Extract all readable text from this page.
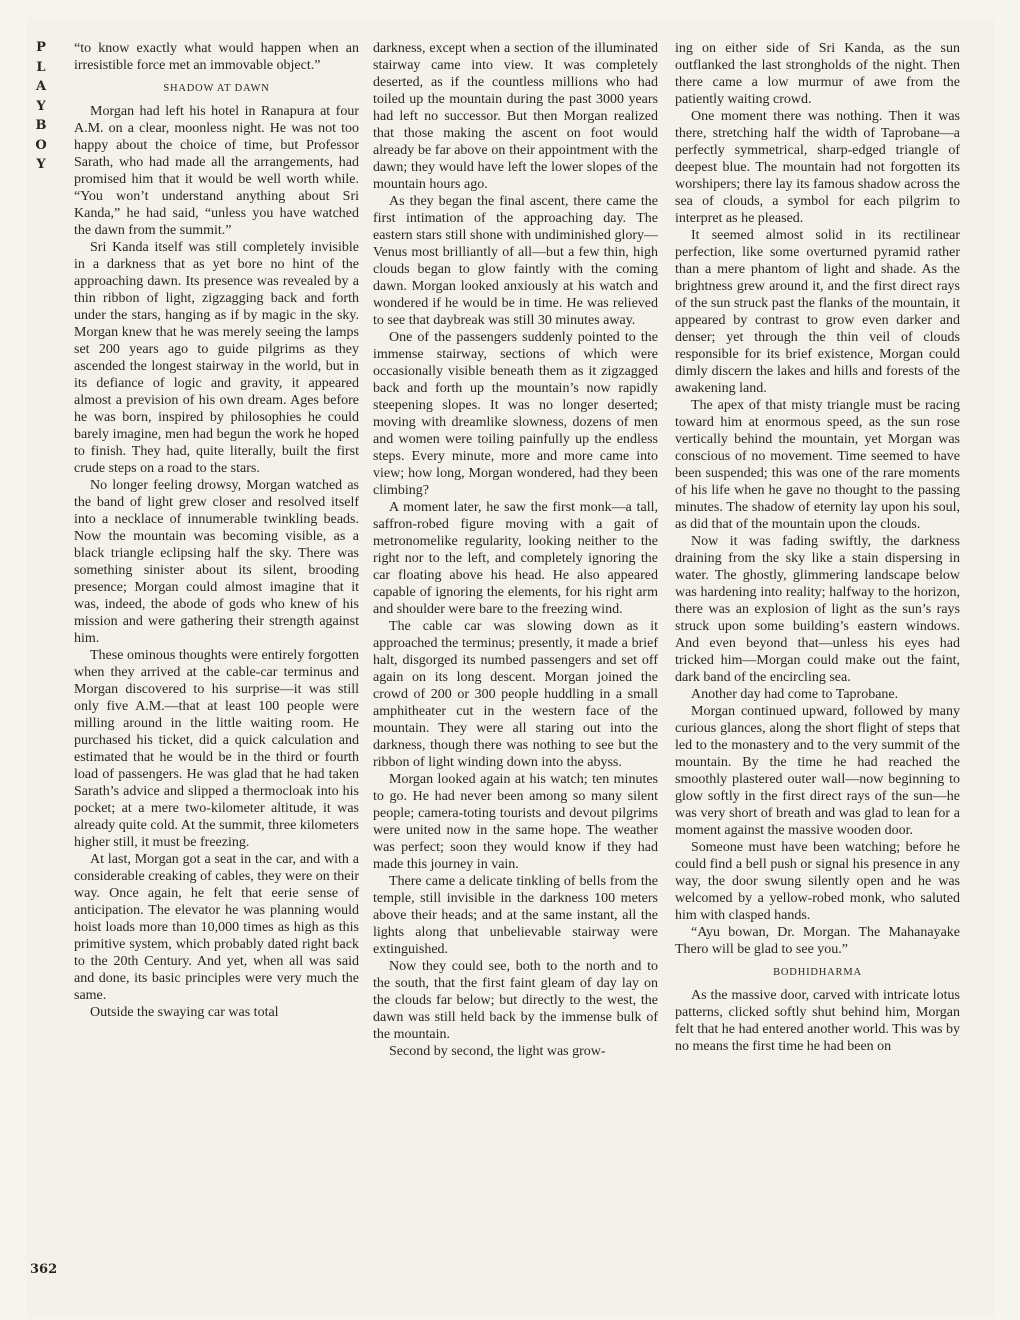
P
L
A
Y
B
O
Y

“to know exactly what would happen when an irresistible force met an immovable object.”

SHADOW AT DAWN

Morgan had left his hotel in Ranapura at four A.M. on a clear, moonless night. He was not too happy about the choice of time, but Professor Sarath, who had made all the arrangements, had promised him that it would be well worth while. “You won’t understand anything about Sri Kanda,” he had said, “unless you have watched the dawn from the summit.”

Sri Kanda itself was still completely invisible in a darkness that as yet bore no hint of the approaching dawn. Its presence was revealed by a thin ribbon of light, zigzagging back and forth under the stars, hanging as if by magic in the sky. Morgan knew that he was merely seeing the lamps set 200 years ago to guide pilgrims as they ascended the longest stairway in the world, but in its defiance of logic and gravity, it appeared almost a prevision of his own dream. Ages before he was born, inspired by philosophies he could barely imagine, men had begun the work he hoped to finish. They had, quite literally, built the first crude steps on a road to the stars.

No longer feeling drowsy, Morgan watched as the band of light grew closer and resolved itself into a necklace of innumerable twinkling beads. Now the mountain was becoming visible, as a black triangle eclipsing half the sky. There was something sinister about its silent, brooding presence; Morgan could almost imagine that it was, indeed, the abode of gods who knew of his mission and were gathering their strength against him.

These ominous thoughts were entirely forgotten when they arrived at the cable-car terminus and Morgan discovered to his surprise—it was still only five A.M.—that at least 100 people were milling around in the little waiting room. He purchased his ticket, did a quick calculation and estimated that he would be in the third or fourth load of passengers. He was glad that he had taken Sarath’s advice and slipped a thermocloak into his pocket; at a mere two-kilometer altitude, it was already quite cold. At the summit, three kilometers higher still, it must be freezing.

At last, Morgan got a seat in the car, and with a considerable creaking of cables, they were on their way. Once again, he felt that eerie sense of anticipation. The elevator he was planning would hoist loads more than 10,000 times as high as this primitive system, which probably dated right back to the 20th Century. And yet, when all was said and done, its basic principles were very much the same.

Outside the swaying car was total

darkness, except when a section of the illuminated stairway came into view. It was completely deserted, as if the countless millions who had toiled up the mountain during the past 3000 years had left no successor. But then Morgan realized that those making the ascent on foot would already be far above on their appointment with the dawn; they would have left the lower slopes of the mountain hours ago.

As they began the final ascent, there came the first intimation of the approaching day. The eastern stars still shone with undiminished glory—Venus most brilliantly of all—but a few thin, high clouds began to glow faintly with the coming dawn. Morgan looked anxiously at his watch and wondered if he would be in time. He was relieved to see that daybreak was still 30 minutes away.

One of the passengers suddenly pointed to the immense stairway, sections of which were occasionally visible beneath them as it zigzagged back and forth up the mountain’s now rapidly steepening slopes. It was no longer deserted; moving with dreamlike slowness, dozens of men and women were toiling painfully up the endless steps. Every minute, more and more came into view; how long, Morgan wondered, had they been climbing?

A moment later, he saw the first monk—a tall, saffron-robed figure moving with a gait of metronomelike regularity, looking neither to the right nor to the left, and completely ignoring the car floating above his head. He also appeared capable of ignoring the elements, for his right arm and shoulder were bare to the freezing wind.

The cable car was slowing down as it approached the terminus; presently, it made a brief halt, disgorged its numbed passengers and set off again on its long descent. Morgan joined the crowd of 200 or 300 people huddling in a small amphitheater cut in the western face of the mountain. They were all staring out into the darkness, though there was nothing to see but the ribbon of light winding down into the abyss.

Morgan looked again at his watch; ten minutes to go. He had never been among so many silent people; camera-toting tourists and devout pilgrims were united now in the same hope. The weather was perfect; soon they would know if they had made this journey in vain.

There came a delicate tinkling of bells from the temple, still invisible in the darkness 100 meters above their heads; and at the same instant, all the lights along that unbelievable stairway were extinguished.

Now they could see, both to the north and to the south, that the first faint gleam of day lay on the clouds far below; but directly to the west, the dawn was still held back by the immense bulk of the mountain.

Second by second, the light was grow-

ing on either side of Sri Kanda, as the sun outflanked the last strongholds of the night. Then there came a low murmur of awe from the patiently waiting crowd.

One moment there was nothing. Then it was there, stretching half the width of Taprobane—a perfectly symmetrical, sharp-edged triangle of deepest blue. The mountain had not forgotten its worshipers; there lay its famous shadow across the sea of clouds, a symbol for each pilgrim to interpret as he pleased.

It seemed almost solid in its rectilinear perfection, like some overturned pyramid rather than a mere phantom of light and shade. As the brightness grew around it, and the first direct rays of the sun struck past the flanks of the mountain, it appeared by contrast to grow even darker and denser; yet through the thin veil of clouds responsible for its brief existence, Morgan could dimly discern the lakes and hills and forests of the awakening land.

The apex of that misty triangle must be racing toward him at enormous speed, as the sun rose vertically behind the mountain, yet Morgan was conscious of no movement. Time seemed to have been suspended; this was one of the rare moments of his life when he gave no thought to the passing minutes. The shadow of eternity lay upon his soul, as did that of the mountain upon the clouds.

Now it was fading swiftly, the darkness draining from the sky like a stain dispersing in water. The ghostly, glimmering landscape below was hardening into reality; halfway to the horizon, there was an explosion of light as the sun’s rays struck upon some building’s eastern windows. And even beyond that—unless his eyes had tricked him—Morgan could make out the faint, dark band of the encircling sea.

Another day had come to Taprobane.

Morgan continued upward, followed by many curious glances, along the short flight of steps that led to the monastery and to the very summit of the mountain. By the time he had reached the smoothly plastered outer wall—now beginning to glow softly in the first direct rays of the sun—he was very short of breath and was glad to lean for a moment against the massive wooden door.

Someone must have been watching; before he could find a bell push or signal his presence in any way, the door swung silently open and he was welcomed by a yellow-robed monk, who saluted him with clasped hands.

“Ayu bowan, Dr. Morgan. The Mahanayake Thero will be glad to see you.”

BODHIDHARMA

As the massive door, carved with intricate lotus patterns, clicked softly shut behind him, Morgan felt that he had entered another world. This was by no means the first time he had been on

362
